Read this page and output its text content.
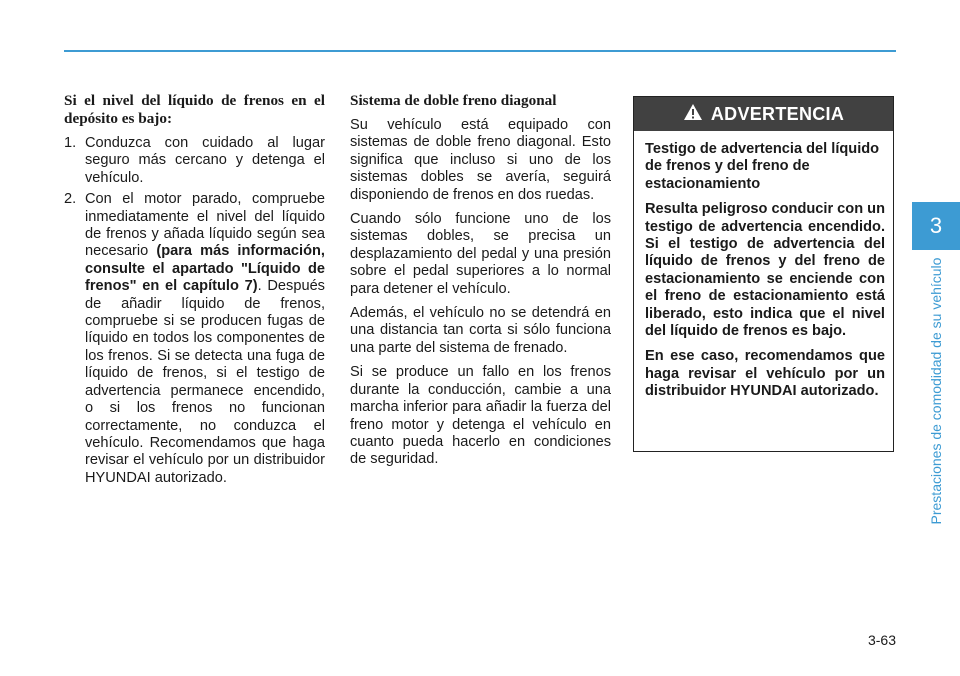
Si el nivel del líquido de frenos en el depósito es bajo:

1. Conduzca con cuidado al lugar seguro más cercano y detenga el vehículo.
2. Con el motor parado, compruebe inmediatamente el nivel del líquido de frenos y añada líquido según sea necesario (para más información, consulte el apartado "Líquido de frenos" en el capítulo 7). Después de añadir líquido de frenos, compruebe si se producen fugas de líquido en todos los componentes de los frenos. Si se detecta una fuga de líquido de frenos, si el testigo de advertencia permanece encendido, o si los frenos no funcionan correctamente, no conduzca el vehículo. Recomendamos que haga revisar el vehículo por un distribuidor HYUNDAI autorizado.

Sistema de doble freno diagonal

Su vehículo está equipado con sistemas de doble freno diagonal. Esto significa que incluso si uno de los sistemas dobles se avería, seguirá disponiendo de frenos en dos ruedas.

Cuando sólo funcione uno de los sistemas dobles, se precisa un desplazamiento del pedal y una presión sobre el pedal superiores a lo normal para detener el vehículo.

Además, el vehículo no se detendrá en una distancia tan corta si sólo funciona una parte del sistema de frenado.

Si se produce un fallo en los frenos durante la conducción, cambie a una marcha inferior para añadir la fuerza del freno motor y detenga el vehículo en cuanto pueda hacerlo en condiciones de seguridad.

ADVERTENCIA

Testigo de advertencia del líquido de frenos y del freno de estacionamiento

Resulta peligroso conducir con un testigo de advertencia encendido. Si el testigo de advertencia del líquido de frenos y del freno de estacionamiento se enciende con el freno de estacionamiento está liberado, esto indica que el nivel del líquido de frenos es bajo.

En ese caso, recomendamos que haga revisar el vehículo por un distribuidor HYUNDAI autorizado.

3
Prestaciones de comodidad de su vehículo
3-63
